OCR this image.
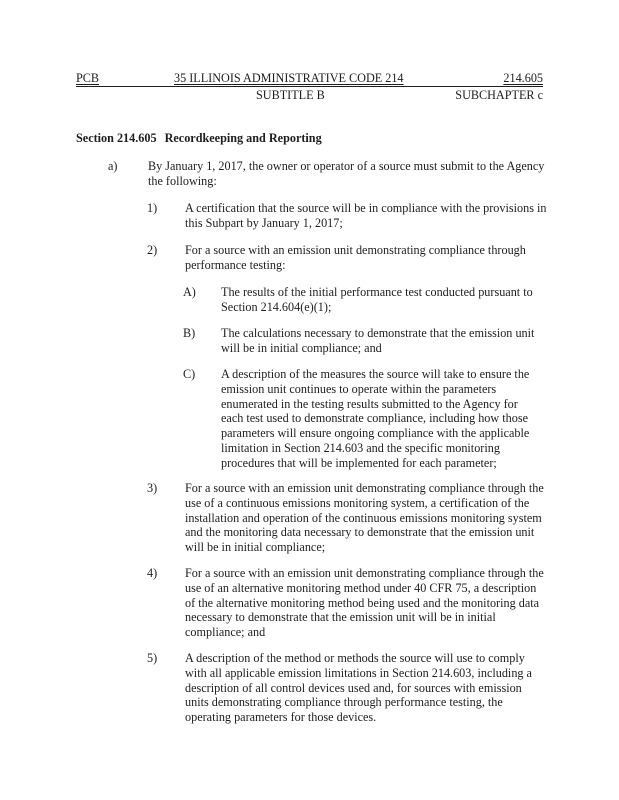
PCB	35 ILLINOIS ADMINISTRATIVE CODE 214	214.605
SUBTITLE B	SUBCHAPTER c
Section 214.605 Recordkeeping and Reporting
a)	By January 1, 2017, the owner or operator of a source must submit to the Agency the following:
1) A certification that the source will be in compliance with the provisions in this Subpart by January 1, 2017;
2) For a source with an emission unit demonstrating compliance through performance testing:
A) The results of the initial performance test conducted pursuant to Section 214.604(e)(1);
B) The calculations necessary to demonstrate that the emission unit will be in initial compliance; and
C) A description of the measures the source will take to ensure the emission unit continues to operate within the parameters enumerated in the testing results submitted to the Agency for each test used to demonstrate compliance, including how those parameters will ensure ongoing compliance with the applicable limitation in Section 214.603 and the specific monitoring procedures that will be implemented for each parameter;
3) For a source with an emission unit demonstrating compliance through the use of a continuous emissions monitoring system, a certification of the installation and operation of the continuous emissions monitoring system and the monitoring data necessary to demonstrate that the emission unit will be in initial compliance;
4) For a source with an emission unit demonstrating compliance through the use of an alternative monitoring method under 40 CFR 75, a description of the alternative monitoring method being used and the monitoring data necessary to demonstrate that the emission unit will be in initial compliance; and
5) A description of the method or methods the source will use to comply with all applicable emission limitations in Section 214.603, including a description of all control devices used and, for sources with emission units demonstrating compliance through performance testing, the operating parameters for those devices.
